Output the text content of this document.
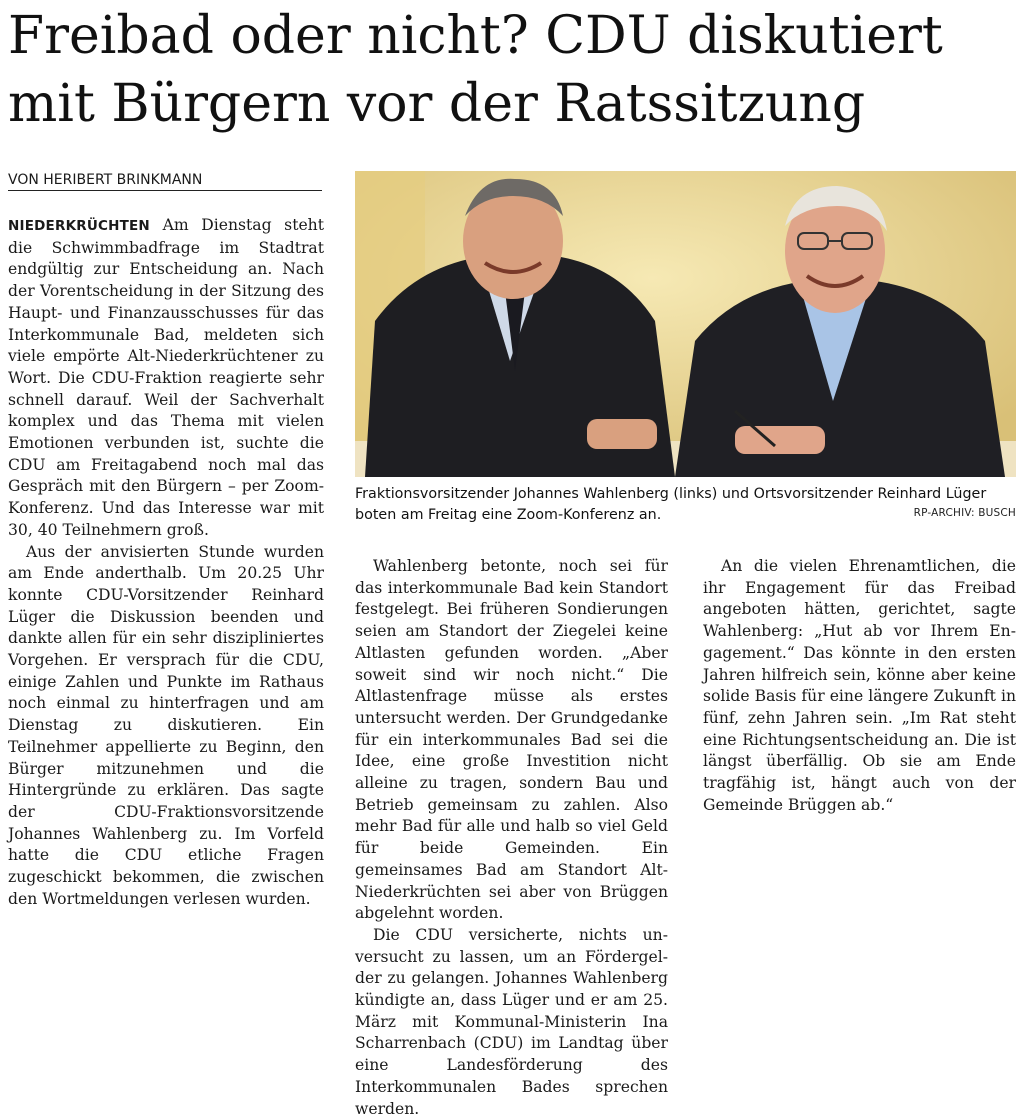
Freibad oder nicht? CDU diskutiert
mit Bürgern vor der Ratssitzung
VON HERIBERT BRINKMANN

NIEDERKRÜCHTEN Am Dienstag steht die Schwimmbadfrage im Stadtrat endgültig zur Entscheidung an. Nach der Vorentscheidung in der Sitzung des Haupt- und Finanzausschusses für das Interkommunale Bad, meldeten sich viele empörte Alt-Niederkrüchtener zu Wort. Die CDU-Fraktion reagierte sehr schnell darauf. Weil der Sachverhalt komplex und das Thema mit vielen Emotionen verbunden ist, suchte die CDU am Freitagabend noch mal das Gespräch mit den Bürgern – per Zoom-Konferenz. Und das Interesse war mit 30, 40 Teilnehmern groß.

Aus der anvisierten Stunde wurden am Ende anderthalb. Um 20.25 Uhr konnte CDU-Vorsitzender Reinhard Lüger die Diskussion beenden und dankte allen für ein sehr diszipliniertes Vorgehen. Er versprach für die CDU, einige Zahlen und Punkte im Rathaus noch einmal zu hinterfragen und am Dienstag zu diskutieren. Ein Teilnehmer appellierte zu Beginn, den Bürger mitzunehmen und die Hintergründe zu erklären. Das sagte der CDU-Fraktionsvorsitzende Johannes Wahlenberg zu. Im Vorfeld hatte die CDU etliche Fragen zugeschickt bekommen, die zwischen den Wortmeldungen verlesen wurden.

Fraktionsvorsitzender Johannes Wahlenberg (links) und Ortsvorsitzender Reinhard Lüger boten am Freitag eine Zoom-Konferenz an.	RP-ARCHIV: BUSCH

Wahlenberg betonte, noch sei für das interkommunale Bad kein Standort festgelegt. Bei früheren Sondierungen seien am Standort der Ziegelei keine Altlasten gefunden worden. „Aber soweit sind wir noch nicht.“ Die Altlastenfrage müsse als erstes untersucht werden. Der Grundgedanke für ein interkommunales Bad sei die Idee, eine große Investition nicht alleine zu tragen, sondern Bau und Betrieb gemeinsam zu zahlen. Also mehr Bad für alle und halb so viel Geld für beide Gemeinden. Ein gemeinsames Bad am Standort Alt-Niederkrüchten sei aber von Brüggen abgelehnt worden.

Die CDU versicherte, nichts unversucht zu lassen, um an Fördergelder zu gelangen. Johannes Wahlenberg kündigte an, dass Lüger und er am 25. März mit Kommunal-Ministerin Ina Scharrenbach (CDU) im Landtag über eine Landesförderung des Interkommunalen Bades sprechen werden.

An die vielen Ehrenamtlichen, die ihr Engagement für das Freibad angeboten hätten, gerichtet, sagte Wahlenberg: „Hut ab vor Ihrem Engagement.“ Das könnte in den ersten Jahren hilfreich sein, könne aber keine solide Basis für eine längere Zukunft in fünf, zehn Jahren sein. „Im Rat steht eine Richtungsentscheidung an. Die ist längst überfällig. Ob sie am Ende tragfähig ist, hängt auch von der Gemeinde Brüggen ab.“
